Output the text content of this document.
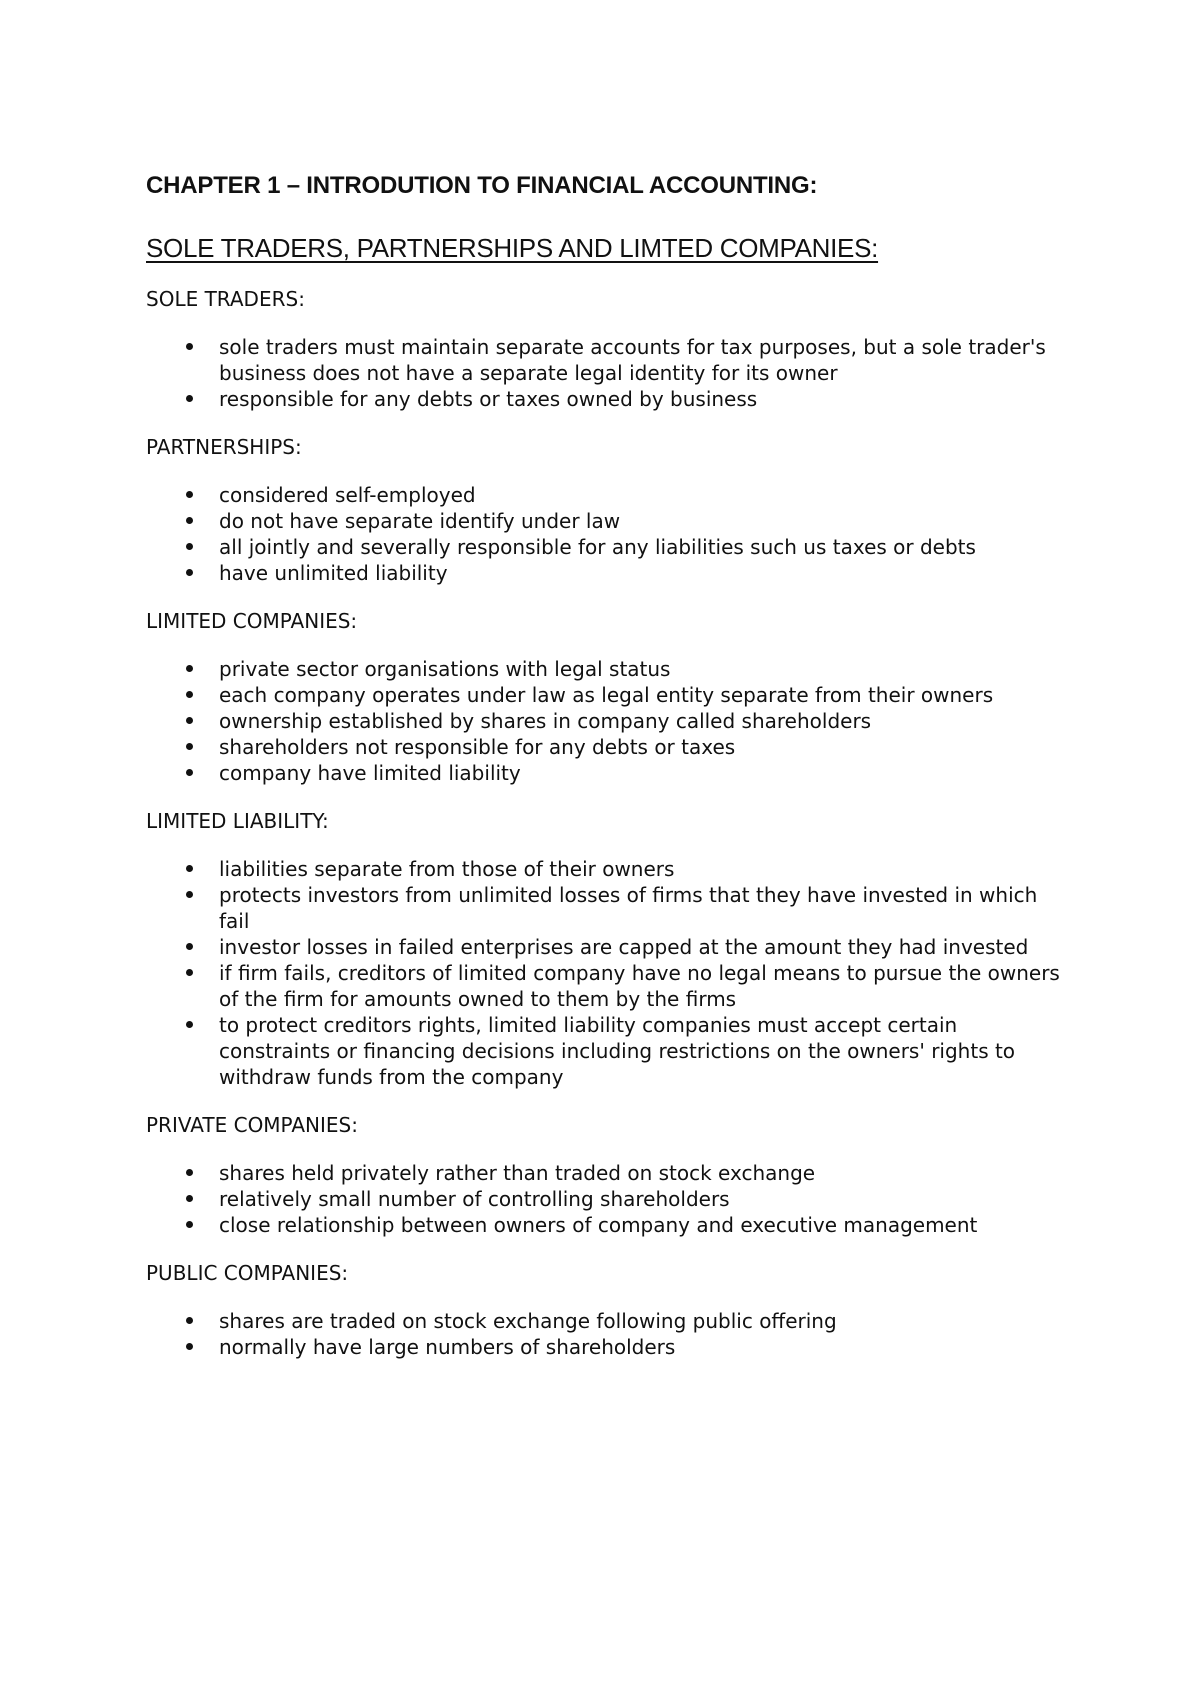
CHAPTER 1 – INTRODUTION TO FINANCIAL ACCOUNTING:
SOLE TRADERS, PARTNERSHIPS AND LIMTED COMPANIES:
SOLE TRADERS:
sole traders must maintain separate accounts for tax purposes, but a sole trader's business does not have a separate legal identity for its owner
responsible for any debts or taxes owned by business
PARTNERSHIPS:
considered self-employed
do not have separate identify under law
all jointly and severally responsible for any liabilities such us taxes or debts
have unlimited liability
LIMITED COMPANIES:
private sector organisations with legal status
each company operates under law as legal entity separate from their owners
ownership established by shares in company called shareholders
shareholders not responsible for any debts or taxes
company have limited liability
LIMITED LIABILITY:
liabilities separate from those of their owners
protects investors from unlimited losses of firms that they have invested in which fail
investor losses in failed enterprises are capped at the amount they had invested
if firm fails, creditors of limited company have no legal means to pursue the owners of the firm for amounts owned to them by the firms
to protect creditors rights, limited liability companies must accept certain constraints or financing decisions including restrictions on the owners' rights to withdraw funds from the company
PRIVATE COMPANIES:
shares held privately rather than traded on stock exchange
relatively small number of controlling shareholders
close relationship between owners of company and executive management
PUBLIC COMPANIES:
shares are traded on stock exchange following public offering
normally have large numbers of shareholders
